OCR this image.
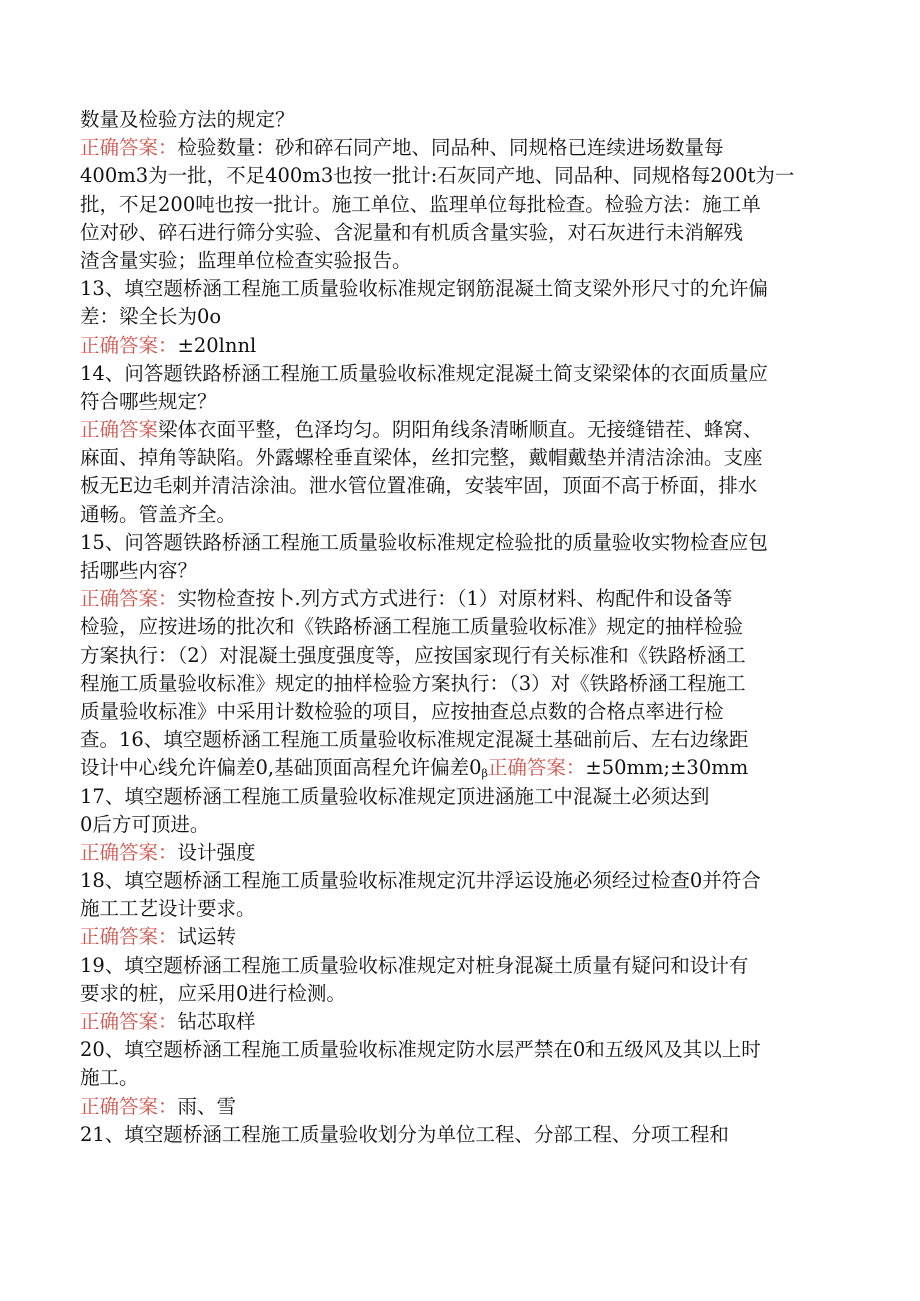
数量及检验方法的规定？
正确答案：检验数量：砂和碎石同产地、同品种、同规格已连续进场数量每
400m3为一批，不足400m3也按一批计:石灰同产地、同品种、同规格每200t为一
批，不足200吨也按一批计。施工单位、监理单位每批检查。检验方法：施工单
位对砂、碎石进行筛分实验、含泥量和有机质含量实验，对石灰进行未消解残
渣含量实验；监理单位检查实验报告。
13、填空题桥涵工程施工质量验收标准规定钢筋混凝土简支梁外形尺寸的允许偏
差：梁全长为0o
正确答案：±20lnnl
14、问答题铁路桥涵工程施工质量验收标准规定混凝土简支梁梁体的衣面质量应
符合哪些规定？
正确答案梁体衣面平整，色泽均匀。阴阳角线条清晰顺直。无接缝错茬、蜂窝、
麻面、掉角等缺陷。外露螺栓垂直梁体，丝扣完整，戴帽戴垫并清洁涂油。支座
板无E边毛刺并清洁涂油。泄水管位置准确，安装牢固，顶面不高于桥面，排水
通畅。管盖齐全。
15、问答题铁路桥涵工程施工质量验收标准规定检验批的质量验收实物检查应包
括哪些内容？
正确答案：实物检查按卜.列方式方式进行：（1）对原材料、构配件和设备等
检验，应按进场的批次和《铁路桥涵工程施工质量验收标准》规定的抽样检验
方案执行：（2）对混凝土强度强度等，应按国家现行有关标准和《铁路桥涵工
程施工质量验收标准》规定的抽样检验方案执行：（3）对《铁路桥涵工程施工
质量验收标准》中采用计数检验的项目，应按抽查总点数的合格点率进行检
查。16、填空题桥涵工程施工质量验收标准规定混凝土基础前后、左右边缘距
设计中心线允许偏差0,基础顶面高程允许偏差$0_\beta$正确答案：±50mm;±30mm
17、填空题桥涵工程施工质量验收标准规定顶进涵施工中混凝土必须达到
0后方可顶进。
正确答案：设计强度
18、填空题桥涵工程施工质量验收标准规定沉井浮运设施必须经过检查0并符合
施工工艺设计要求。
正确答案：试运转
19、填空题桥涵工程施工质量验收标准规定对桩身混凝土质量有疑问和设计有
要求的桩，应采用0进行检测。
正确答案：钻芯取样
20、填空题桥涵工程施工质量验收标准规定防水层严禁在0和五级风及其以上时
施工。
正确答案：雨、雪
21、填空题桥涵工程施工质量验收划分为单位工程、分部工程、分项工程和
